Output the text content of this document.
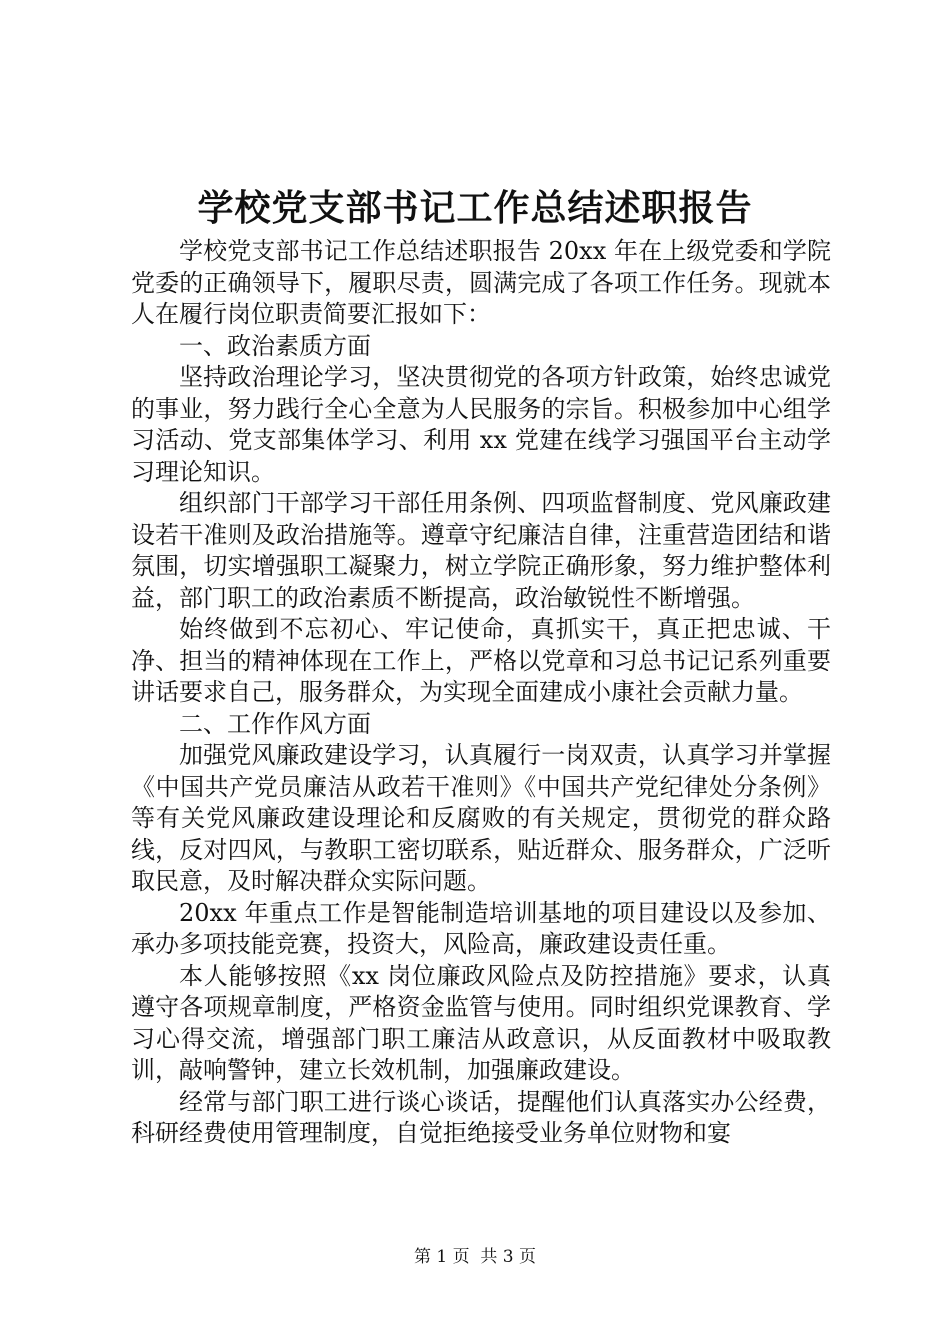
学校党支部书记工作总结述职报告

学校党支部书记工作总结述职报告 20xx 年在上级党委和学院党委的正确领导下，履职尽责，圆满完成了各项工作任务。现就本人在履行岗位职责简要汇报如下：

一、政治素质方面

坚持政治理论学习，坚决贯彻党的各项方针政策，始终忠诚党的事业，努力践行全心全意为人民服务的宗旨。积极参加中心组学习活动、党支部集体学习、利用 xx 党建在线学习强国平台主动学习理论知识。

组织部门干部学习干部任用条例、四项监督制度、党风廉政建设若干准则及政治措施等。遵章守纪廉洁自律，注重营造团结和谐氛围，切实增强职工凝聚力，树立学院正确形象，努力维护整体利益，部门职工的政治素质不断提高，政治敏锐性不断增强。

始终做到不忘初心、牢记使命，真抓实干，真正把忠诚、干净、担当的精神体现在工作上，严格以党章和习总书记记系列重要讲话要求自己，服务群众，为实现全面建成小康社会贡献力量。

二、工作作风方面

加强党风廉政建设学习，认真履行一岗双责，认真学习并掌握《中国共产党员廉洁从政若干准则》《中国共产党纪律处分条例》等有关党风廉政建设理论和反腐败的有关规定，贯彻党的群众路线，反对四风，与教职工密切联系，贴近群众、服务群众，广泛听取民意，及时解决群众实际问题。

20xx 年重点工作是智能制造培训基地的项目建设以及参加、承办多项技能竞赛，投资大，风险高，廉政建设责任重。

本人能够按照《xx 岗位廉政风险点及防控措施》要求，认真遵守各项规章制度，严格资金监管与使用。同时组织党课教育、学习心得交流，增强部门职工廉洁从政意识，从反面教材中吸取教训，敲响警钟，建立长效机制，加强廉政建设。

经常与部门职工进行谈心谈话，提醒他们认真落实办公经费，科研经费使用管理制度，自觉拒绝接受业务单位财物和宴

第 1 页  共 3 页
